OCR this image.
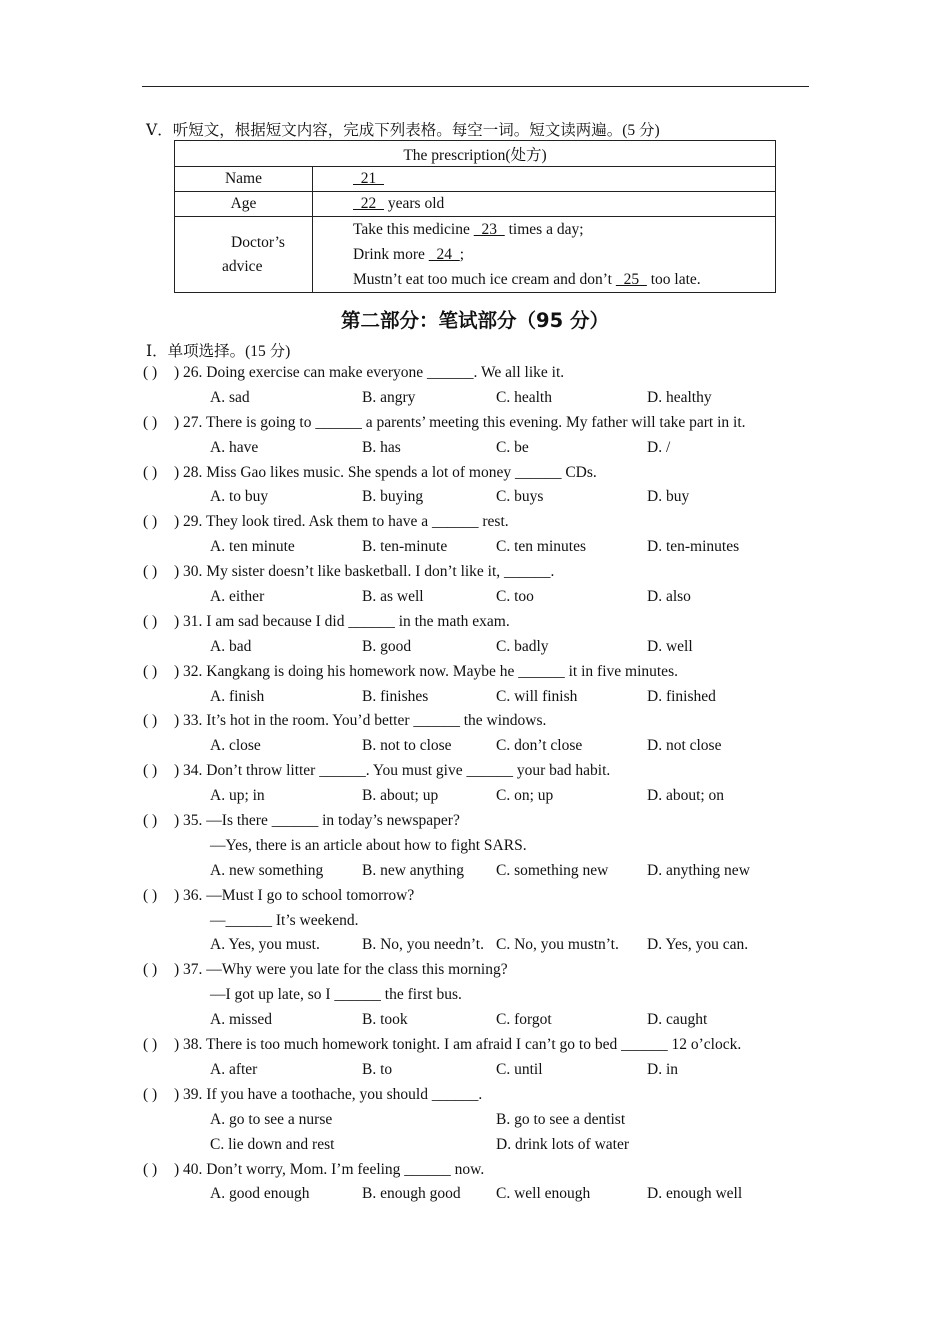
Ⅴ．听短文，根据短文内容，完成下列表格。每空一词。短文读两遍。(5 分)
The prescription(处方)	
Name	21
Age	22   years old

Doctor’s
advice	Take this medicine   23   times a day;
Drink more   24  ;
Mustn’t eat too much ice cream and don’t   25   too late.
第二部分：笔试部分（95 分）
Ⅰ．单项选择。(15 分)
( ) ) 26. Doing exercise can make everyone ______. We all like it.
A. sad	B. angry	C. health	D. healthy
( ) ) 27. There is going to ______ a parents’ meeting this evening. My father will take part in it.
A. have	B. has	C. be	D. /
( ) ) 28. Miss Gao likes music. She spends a lot of money ______ CDs.
A. to buy	B. buying	C. buys	D. buy
( ) ) 29. They look tired. Ask them to have a ______ rest.
A. ten minute	B. ten-minute	C. ten minutes	D. ten-minutes
( ) ) 30. My sister doesn’t like basketball. I don’t like it, ______.
A. either	B. as well	C. too	D. also
( ) ) 31. I am sad because I did ______ in the math exam.
A. bad	B. good	C. badly	D. well
( ) ) 32. Kangkang is doing his homework now. Maybe he ______ it in five minutes.
A. finish	B. finishes	C. will finish	D. finished
( ) ) 33. It’s hot in the room. You’d better ______ the windows.
A. close	B. not to close	C. don’t close	D. not close
( ) ) 34. Don’t throw litter ______. You must give ______ your bad habit.
A. up; in	B. about; up	C. on; up	D. about; on
( ) ) 35. —Is there ______ in today’s newspaper?
—Yes, there is an article about how to fight SARS.
A. new something	B. new anything C. something new D. anything new
( ) ) 36. —Must I go to school tomorrow?
—______ It’s weekend.
A. Yes, you must.	B. No, you needn’t. C. No, you mustn’t. D. Yes, you can.
( ) ) 37. —Why were you late for the class this morning?
—I got up late, so I ______ the first bus.
A. missed	B. took	C. forgot	D. caught
( ) ) 38. There is too much homework tonight. I am afraid I can’t go to bed ______ 12 o’clock.
A. after	B. to	C. until	D. in
( ) ) 39. If you have a toothache, you should ______.
A. go to see a nurse	B. go to see a dentist
C. lie down and rest	D. drink lots of water
( ) ) 40. Don’t worry, Mom. I’m feeling ______ now.
A. good enough	B. enough good C. well enough	D. enough well
